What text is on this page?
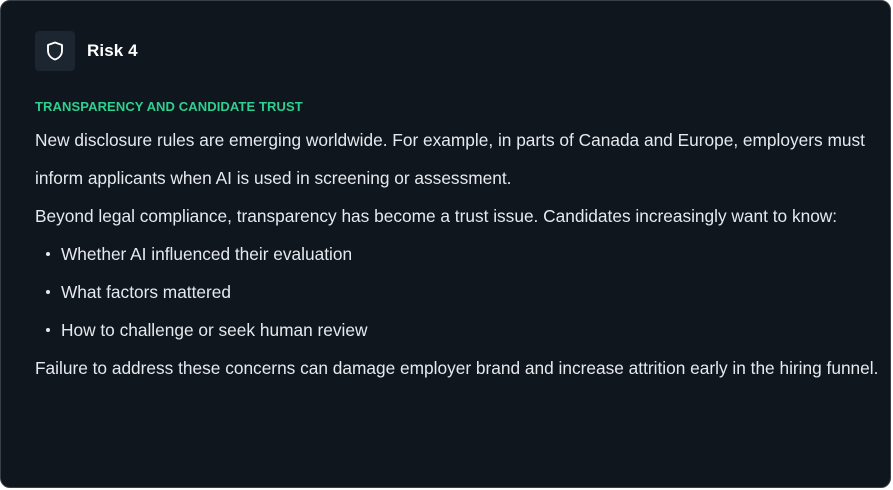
Risk 4
TRANSPARENCY AND CANDIDATE TRUST

New disclosure rules are emerging worldwide. For example, in parts of Canada and Europe, employers must inform applicants when AI is used in screening or assessment.

Beyond legal compliance, transparency has become a trust issue. Candidates increasingly want to know:

Whether AI influenced their evaluation
What factors mattered
How to challenge or seek human review

Failure to address these concerns can damage employer brand and increase attrition early in the hiring funnel.
